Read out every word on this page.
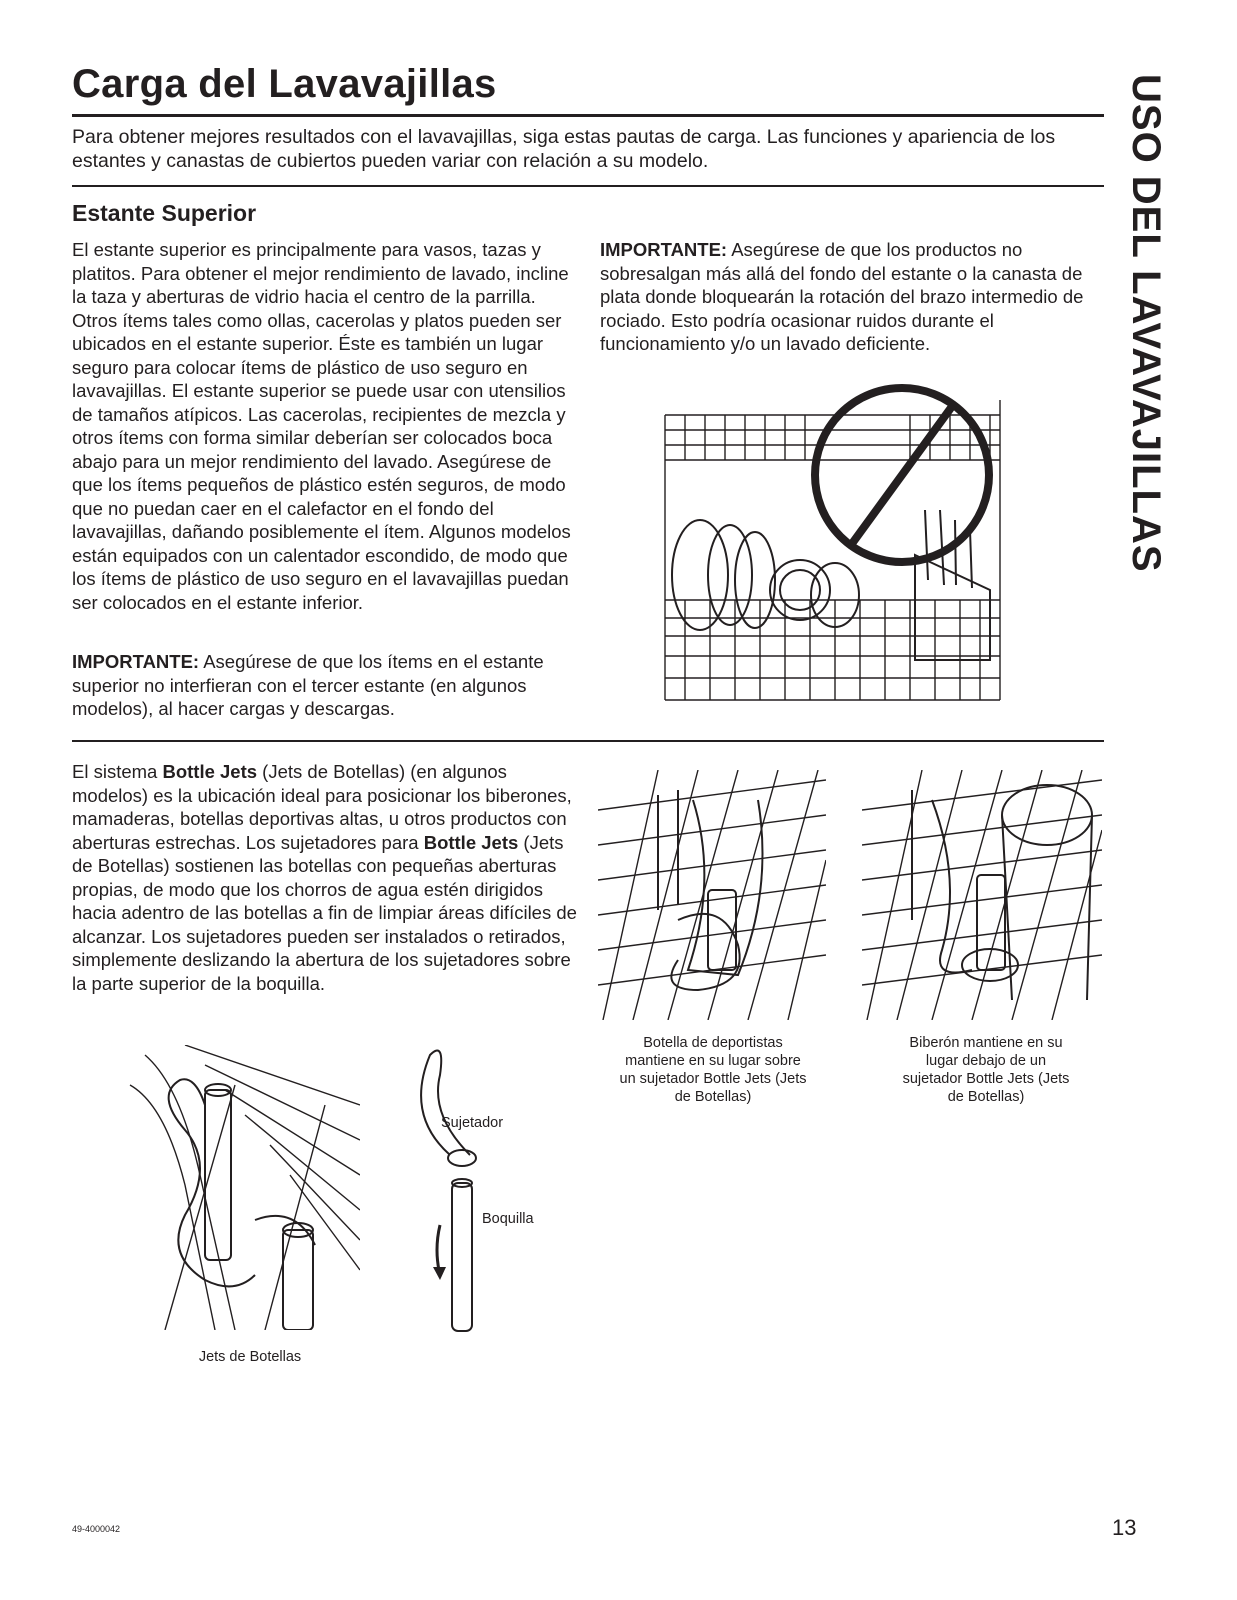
Carga del Lavavajillas
Para obtener mejores resultados con el lavavajillas, siga estas pautas de carga. Las funciones y apariencia de los estantes y canastas de cubiertos pueden variar con relación a su modelo.	USO DEL LAVAVAJILLAS
Estante Superior
El estante superior es principalmente para vasos, tazas y platitos. Para obtener el mejor rendimiento de lavado, incline la taza y aberturas de vidrio hacia el centro de la parrilla. Otros ítems tales como ollas, cacerolas y platos pueden ser ubicados en el estante superior. Éste es también un lugar seguro para colocar ítems de plástico de uso seguro en lavavajillas. El estante superior se puede usar con utensilios de tamaños atípicos. Las cacerolas, recipientes de mezcla y otros ítems con forma similar deberían ser colocados boca abajo para un mejor rendimiento del lavado. Asegúrese de que los ítems pequeños de plástico estén seguros, de modo que no puedan caer en el calefactor en el fondo del lavavajillas, dañando posiblemente el ítem. Algunos modelos están equipados con un calentador escondido, de modo que los ítems de plástico de uso seguro en el lavavajillas puedan ser colocados en el estante inferior.
IMPORTANTE: Asegúrese de que los ítems en el estante superior no interfieran con el tercer estante (en algunos modelos), al hacer cargas y descargas.
IMPORTANTE: Asegúrese de que los productos no sobresalgan más allá del fondo del estante o la canasta de plata donde bloquearán la rotación del brazo intermedio de rociado. Esto podría ocasionar ruidos durante el funcionamiento y/o un lavado deficiente.
El sistema Bottle Jets (Jets de Botellas) (en algunos modelos) es la ubicación ideal para posicionar los biberones, mamaderas, botellas deportivas altas, u otros productos con aberturas estrechas. Los sujetadores para Bottle Jets (Jets de Botellas) sostienen las botellas con pequeñas aberturas propias, de modo que los chorros de agua estén dirigidos hacia adentro de las botellas a fin de limpiar áreas difíciles de alcanzar. Los sujetadores pueden ser instalados o retirados, simplemente deslizando la abertura de los sujetadores sobre la parte superior de la boquilla.
Botella de deportistas mantiene en su lugar sobre un sujetador Bottle Jets (Jets de Botellas)
Biberón mantiene en su lugar debajo de un sujetador Bottle Jets (Jets de Botellas)
Jets de Botellas
Sujetador
Boquilla
49-4000042	13
